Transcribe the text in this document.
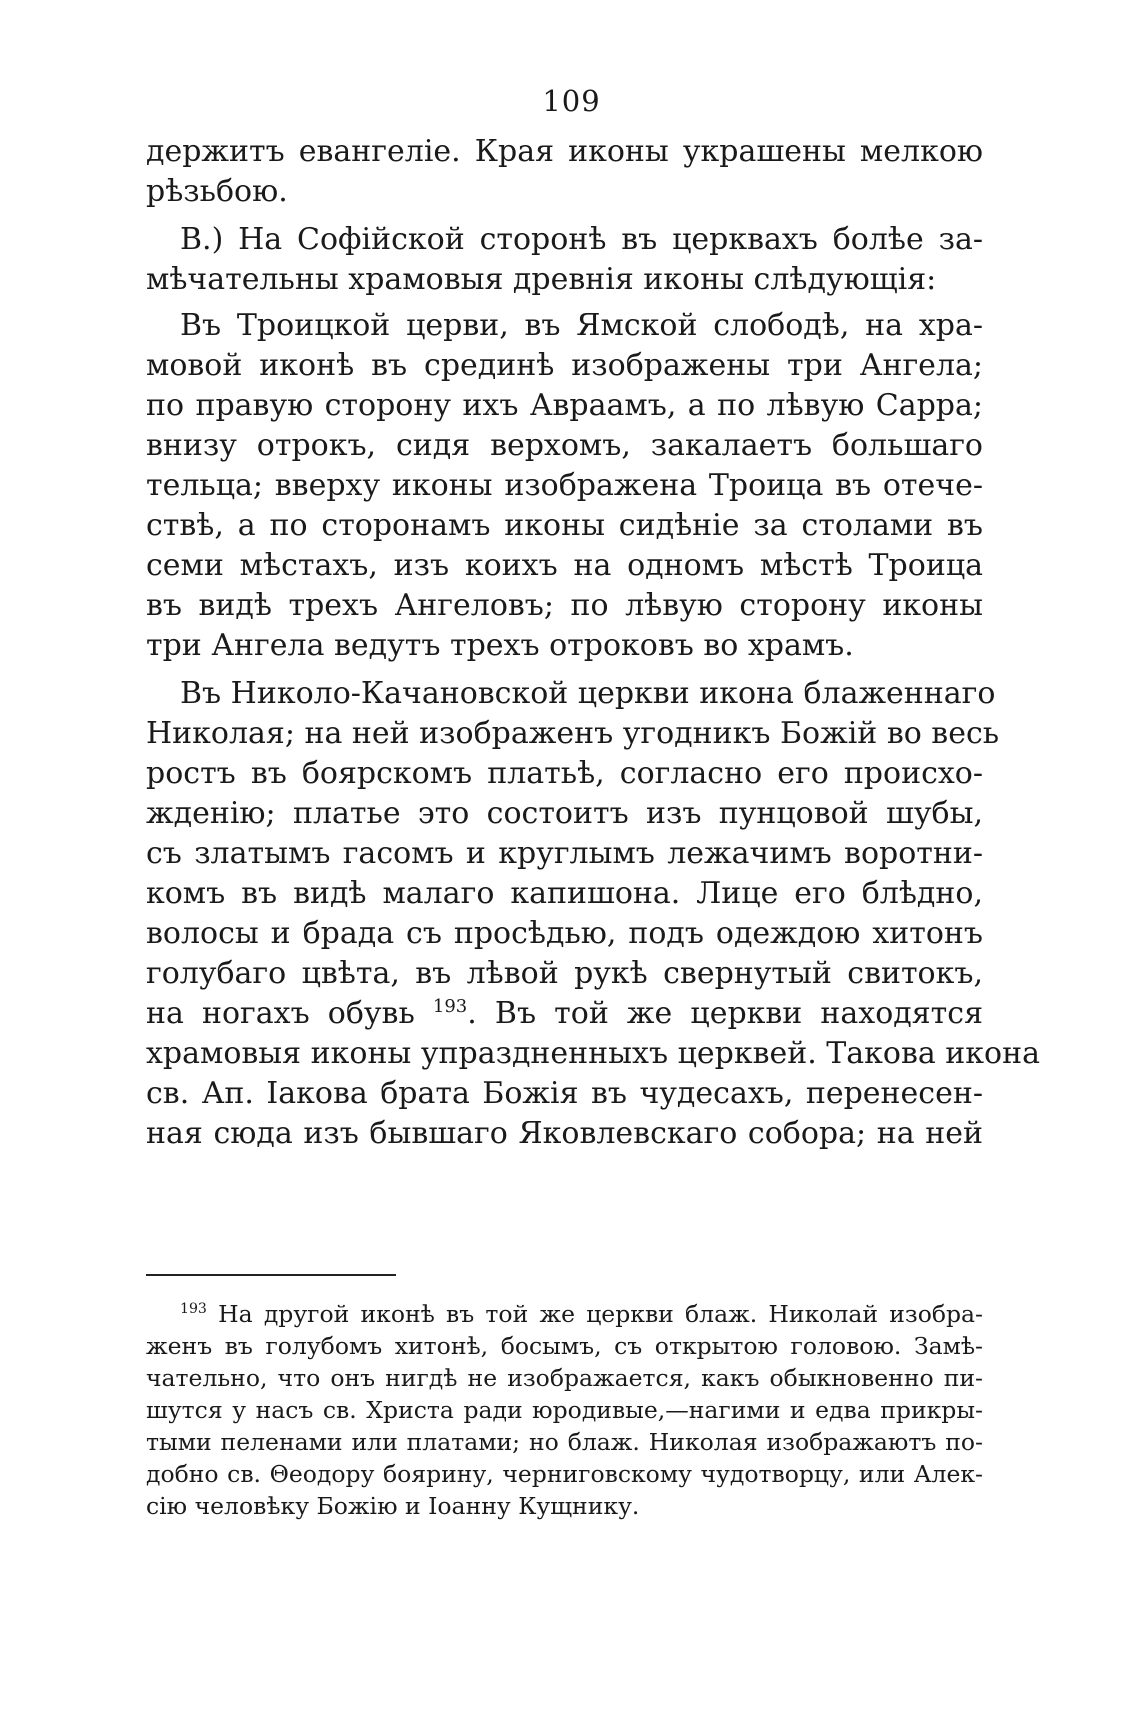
109
держитъ евангеліе. Края иконы украшены мелкою
рѣзьбою.
В.) На Софійской сторонѣ въ церквахъ болѣе за-
мѣчательны храмовыя древнія иконы слѣдующія:
Въ Троицкой церви, въ Ямской слободѣ, на хра-
мовой иконѣ въ срединѣ изображены три Ангела;
по правую сторону ихъ Авраамъ, а по лѣвую Сарра;
внизу отрокъ, сидя верхомъ, закалаетъ большаго
тельца; вверху иконы изображена Троица въ отече-
ствѣ, а по сторонамъ иконы сидѣніе за столами въ
семи мѣстахъ, изъ коихъ на одномъ мѣстѣ Троица
въ видѣ трехъ Ангеловъ; по лѣвую сторону иконы
три Ангела ведутъ трехъ отроковъ во храмъ.
Въ Николо-Качановской церкви икона блаженнаго
Николая; на ней изображенъ угодникъ Божій во весь
ростъ въ боярскомъ платьѣ, согласно его происхо-
жденію; платье это состоитъ изъ пунцовой шубы,
съ златымъ гасомъ и круглымъ лежачимъ воротни-
комъ въ видѣ малаго капишона. Лице его блѣдно,
волосы и брада съ просѣдью, подъ одеждою хитонъ
голубаго цвѣта, въ лѣвой рукѣ свернутый свитокъ,
на ногахъ обувь $^{193}$. Въ той же церкви находятся
храмовыя иконы упраздненныхъ церквей. Такова икона
св. Ап. Іакова брата Божія въ чудесахъ, перенесен-
ная сюда изъ бывшаго Яковлевскаго собора; на ней
$^{193}$ На другой иконѣ въ той же церкви блаж. Николай изобра-
женъ въ голубомъ хитонѣ, босымъ, съ открытою головою. Замѣ-
чательно, что онъ нигдѣ не изображается, какъ обыкновенно пи-
шутся у насъ св. Христа ради юродивые,—нагими и едва прикры-
тыми пеленами или платами; но блаж. Николая изображаютъ по-
добно св. Θеодору боярину, черниговскому чудотворцу, или Алек-
сію человѣку Божію и Іоанну Кущнику.
